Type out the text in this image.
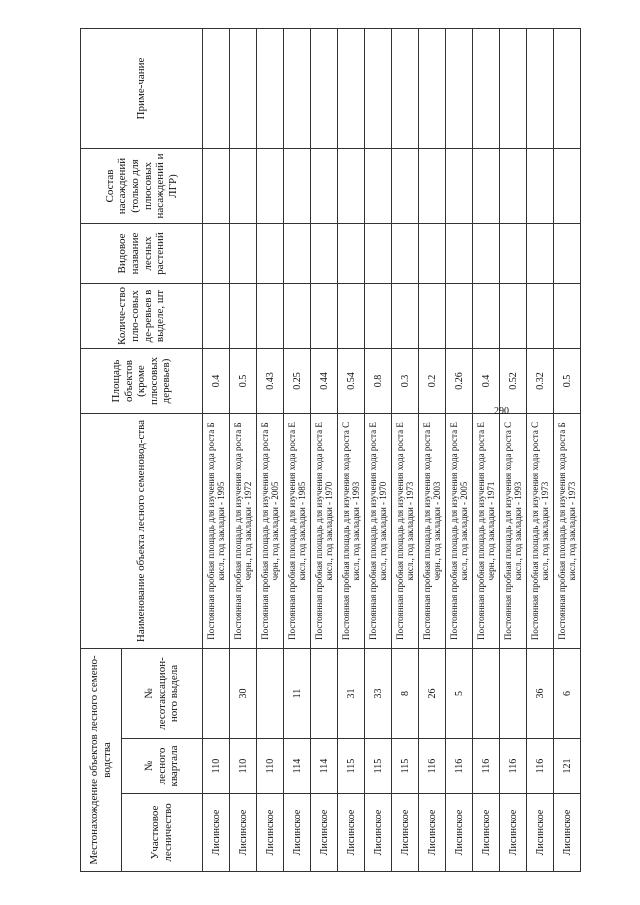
Местонахождение объектов лесного семено-водства			Наименование объекта лесного семеновод-ства	Площадь объектов (кроме плюсовых деревьев)	Количе-ство плю-совых де-ревьев в выделе, шт	Видовое название лесных растений	Состав насаждений (только для плюсовых насаждений и ЛГР)	Приме-чание
Участковое лесничество	№ лесного квартала	№ лесотаксацион-ного выдела						
Лисинское	110		Постоянная пробная площадь для изучения хода роста Б кисл., год закладки - 1995	0.4				
Лисинское	110	30	Постоянная пробная площадь для изучения хода роста Б черн., год закладки - 1972	0.5				
Лисинское	110		Постоянная пробная площадь для изучения хода роста Б черн., год закладки - 2005	0.43				
Лисинское	114	11	Постоянная пробная площадь для изучения хода роста Е кисл., год закладки - 1985	0.25				
Лисинское	114		Постоянная пробная площадь для изучения хода роста Е кисл., год закладки - 1970	0.44				
Лисинское	115	31	Постоянная пробная площадь для изучения хода роста С кисл., год закладки - 1993	0.54				
Лисинское	115	33	Постоянная пробная площадь для изучения хода роста Е кисл., год закладки - 1970	0.8				
Лисинское	115	8	Постоянная пробная площадь для изучения хода роста Е кисл., год закладки - 1973	0.3				
Лисинское	116	26	Постоянная пробная площадь для изучения хода роста Е черн., год закладки - 2003	0.2				
Лисинское	116	5	Постоянная пробная площадь для изучения хода роста Е кисл., год закладки - 2005	0.26				
Лисинское	116		Постоянная пробная площадь для изучения хода роста Е черн., год закладки - 1971	0.4				
Лисинское	116		Постоянная пробная площадь для изучения хода роста С кисл., год закладки - 1993	0.52				
Лисинское	116	36	Постоянная пробная площадь для изучения хода роста С кисл., год закладки - 1973	0.32				
Лисинское	121	6	Постоянная пробная площадь для изучения хода роста Б кисл., год закладки - 1973	0.5				
290
